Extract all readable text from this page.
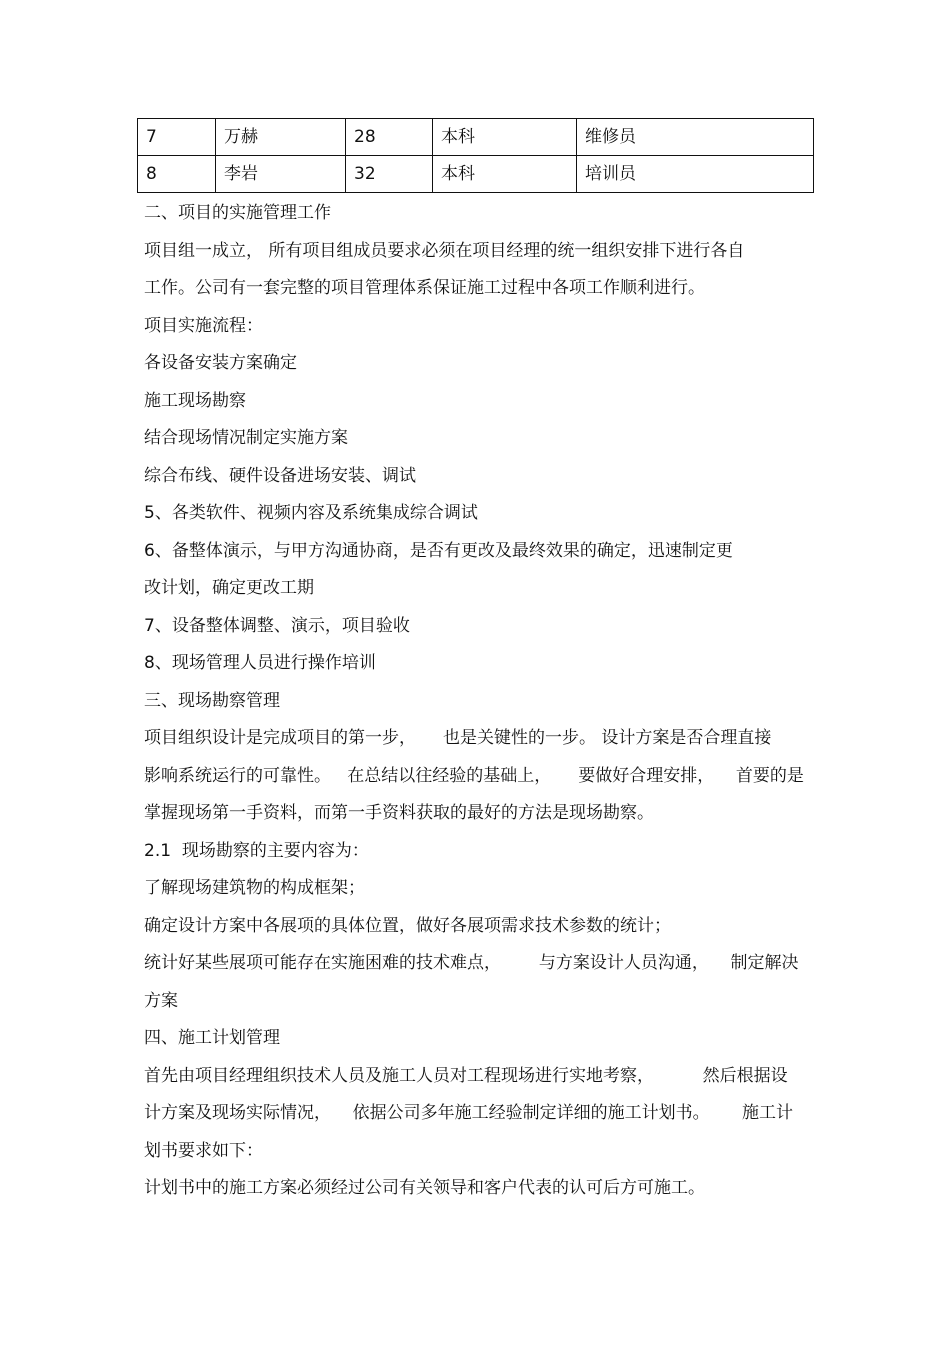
7	万赫	28	本科	维修员
8	李岩	32	本科	培训员
二、项目的实施管理工作
项目组一成立， 所有项目组成员要求必须在项目经理的统一组织安排下进行各自
工作。公司有一套完整的项目管理体系保证施工过程中各项工作顺利进行。
项目实施流程：
各设备安装方案确定
施工现场勘察
结合现场情况制定实施方案
综合布线、硬件设备进场安装、调试
5、各类软件、视频内容及系统集成综合调试
6、备整体演示，与甲方沟通协商，是否有更改及最终效果的确定，迅速制定更
改计划，确定更改工期
7、设备整体调整、演示，项目验收
8、现场管理人员进行操作培训
三、现场勘察管理
项目组织设计是完成项目的第一步，     也是关键性的一步。 设计方案是否合理直接
影响系统运行的可靠性。   在总结以往经验的基础上，     要做好合理安排，    首要的是
掌握现场第一手资料，而第一手资料获取的最好的方法是现场勘察。
2.1  现场勘察的主要内容为：
了解现场建筑物的构成框架；
确定设计方案中各展项的具体位置，做好各展项需求技术参数的统计；
统计好某些展项可能存在实施困难的技术难点，       与方案设计人员沟通，    制定解决
方案
四、施工计划管理
首先由项目经理组织技术人员及施工人员对工程现场进行实地考察，         然后根据设
计方案及现场实际情况，    依据公司多年施工经验制定详细的施工计划书。      施工计
划书要求如下：
计划书中的施工方案必须经过公司有关领导和客户代表的认可后方可施工。
